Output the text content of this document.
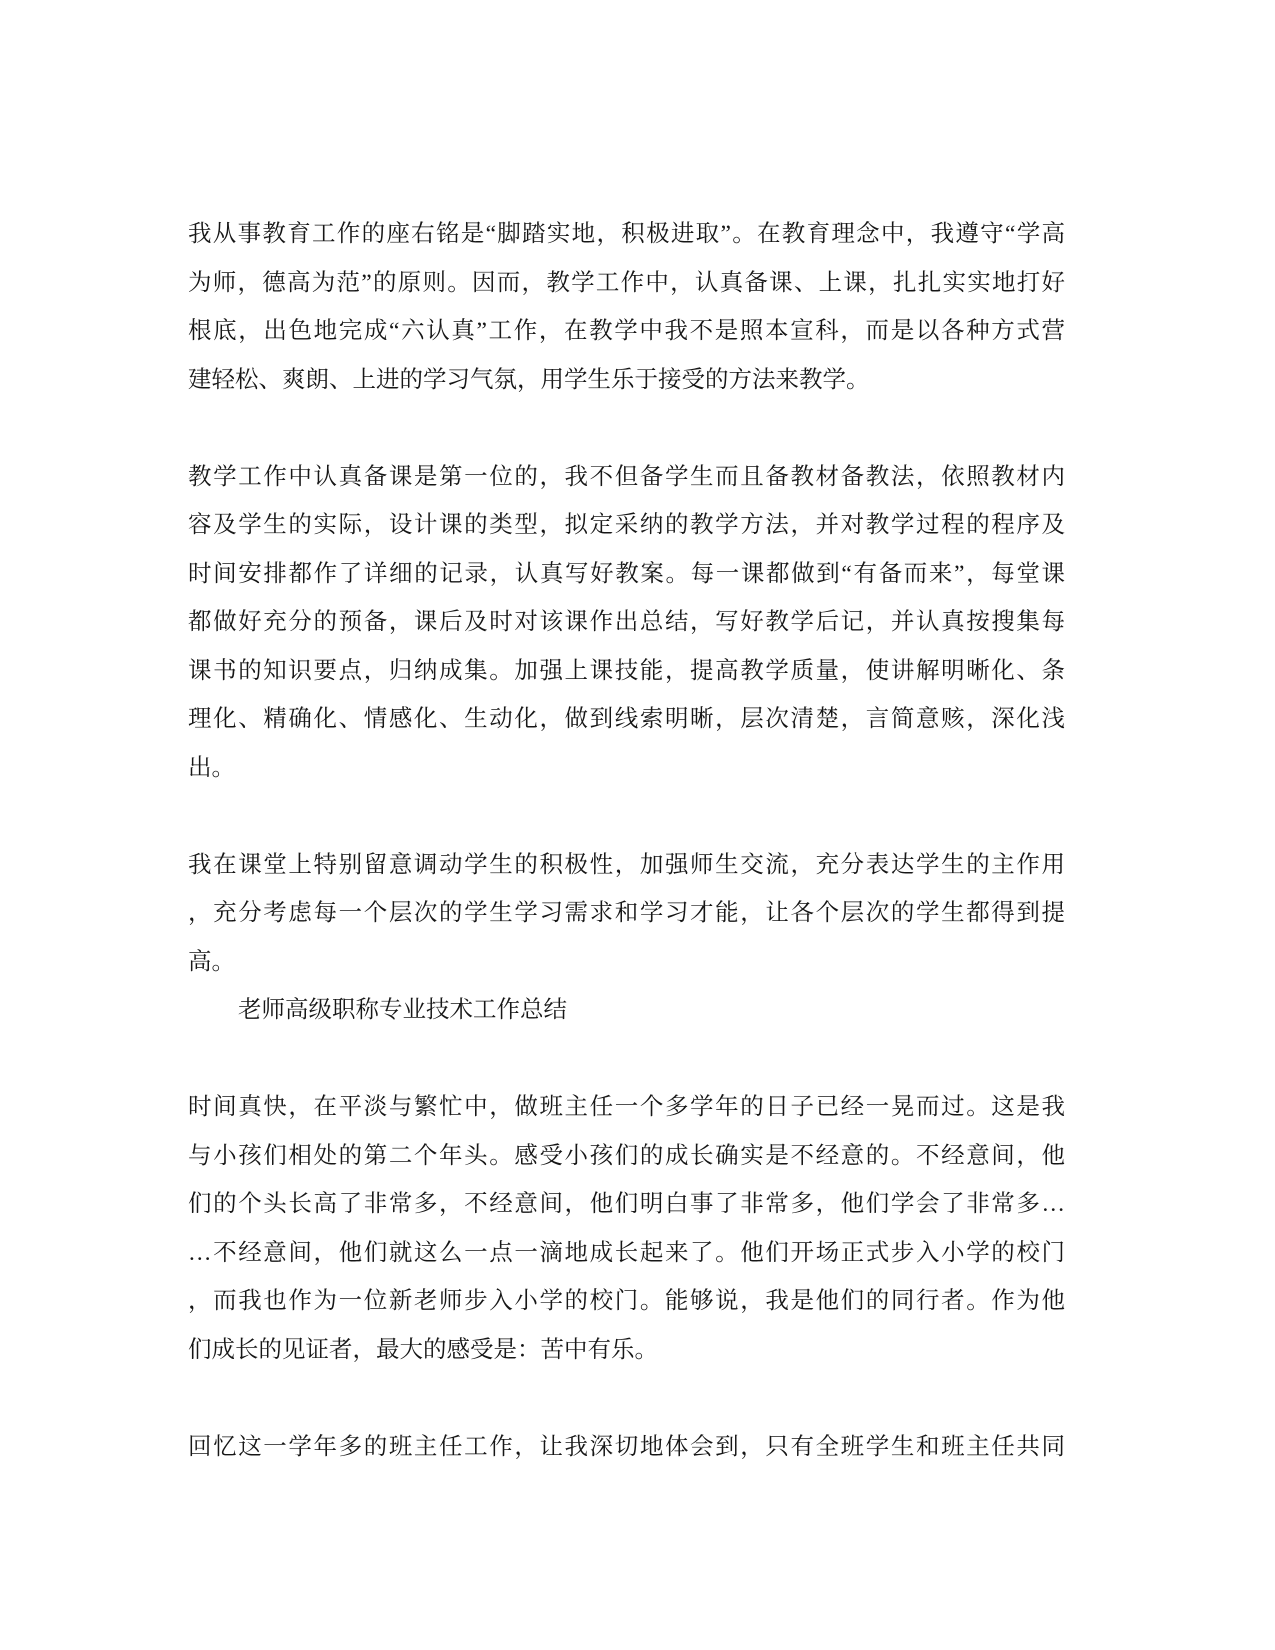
我从事教育工作的座右铭是“脚踏实地，积极进取”。在教育理念中，我遵守“学高
为师，德高为范”的原则。因而，教学工作中，认真备课、上课，扎扎实实地打好
根底，出色地完成“六认真”工作，在教学中我不是照本宣科，而是以各种方式营
建轻松、爽朗、上进的学习气氛，用学生乐于接受的方法来教学。
教学工作中认真备课是第一位的，我不但备学生而且备教材备教法，依照教材内
容及学生的实际，设计课的类型，拟定采纳的教学方法，并对教学过程的程序及
时间安排都作了详细的记录，认真写好教案。每一课都做到“有备而来”，每堂课
都做好充分的预备，课后及时对该课作出总结，写好教学后记，并认真按搜集每
课书的知识要点，归纳成集。加强上课技能，提高教学质量，使讲解明晰化、条
理化、精确化、情感化、生动化，做到线索明晰，层次清楚，言简意赅，深化浅
出。
我在课堂上特别留意调动学生的积极性，加强师生交流，充分表达学生的主作用
，充分考虑每一个层次的学生学习需求和学习才能，让各个层次的学生都得到提
高。
老师高级职称专业技术工作总结
时间真快，在平淡与繁忙中，做班主任一个多学年的日子已经一晃而过。这是我
与小孩们相处的第二个年头。感受小孩们的成长确实是不经意的。不经意间，他
们的个头长高了非常多，不经意间，他们明白事了非常多，他们学会了非常多…
…不经意间，他们就这么一点一滴地成长起来了。他们开场正式步入小学的校门
，而我也作为一位新老师步入小学的校门。能够说，我是他们的同行者。作为他
们成长的见证者，最大的感受是：苦中有乐。
回忆这一学年多的班主任工作，让我深切地体会到，只有全班学生和班主任共同
